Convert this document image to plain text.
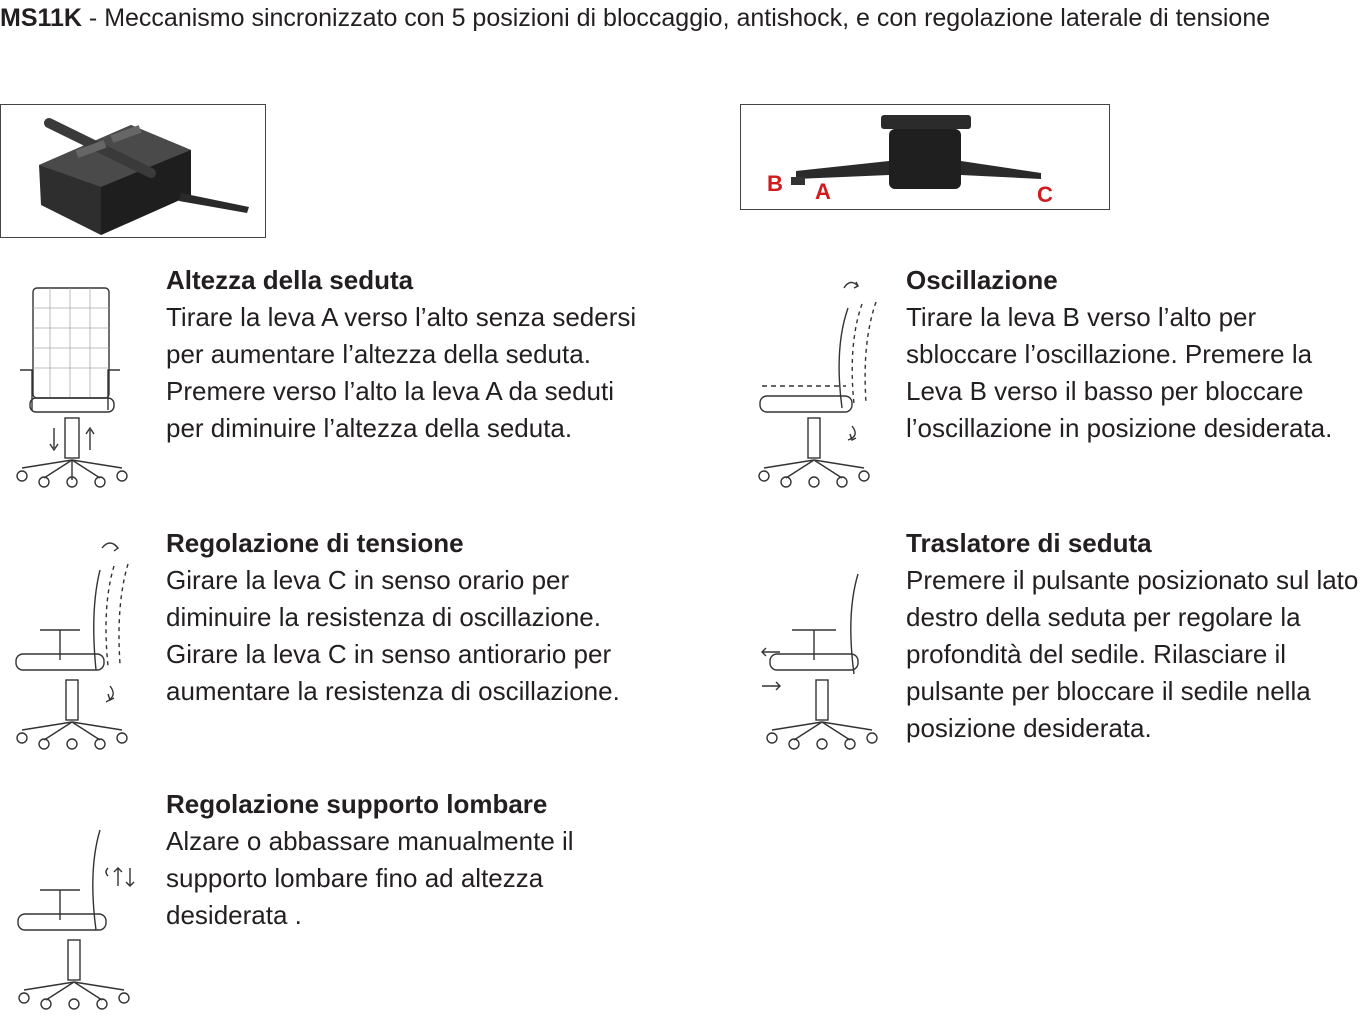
MS11K - Meccanismo sincronizzato con 5 posizioni di bloccaggio, antishock, e con regolazione laterale di tensione
B A	C
Altezza della seduta

Tirare la leva A verso l’alto senza sedersi per aumentare l’altezza della seduta. Premere verso l’alto la leva A da seduti per diminuire l’altezza della seduta.

Oscillazione

Tirare la leva B verso l’alto per sbloccare l’oscillazione. Premere la Leva B verso il basso per bloccare l’oscillazione in posizione desiderata.

Regolazione di tensione

Girare la leva C in senso orario per diminuire la resistenza di oscillazione. Girare la leva C in senso antiorario per aumentare la resistenza di oscillazione.

Traslatore di seduta

Premere il pulsante posizionato sul lato destro della seduta per regolare la profondità del sedile. Rilasciare il pulsante per bloccare il sedile nella posizione desiderata.

Regolazione supporto lombare

Alzare o abbassare manualmente il supporto lombare fino ad altezza desiderata .
